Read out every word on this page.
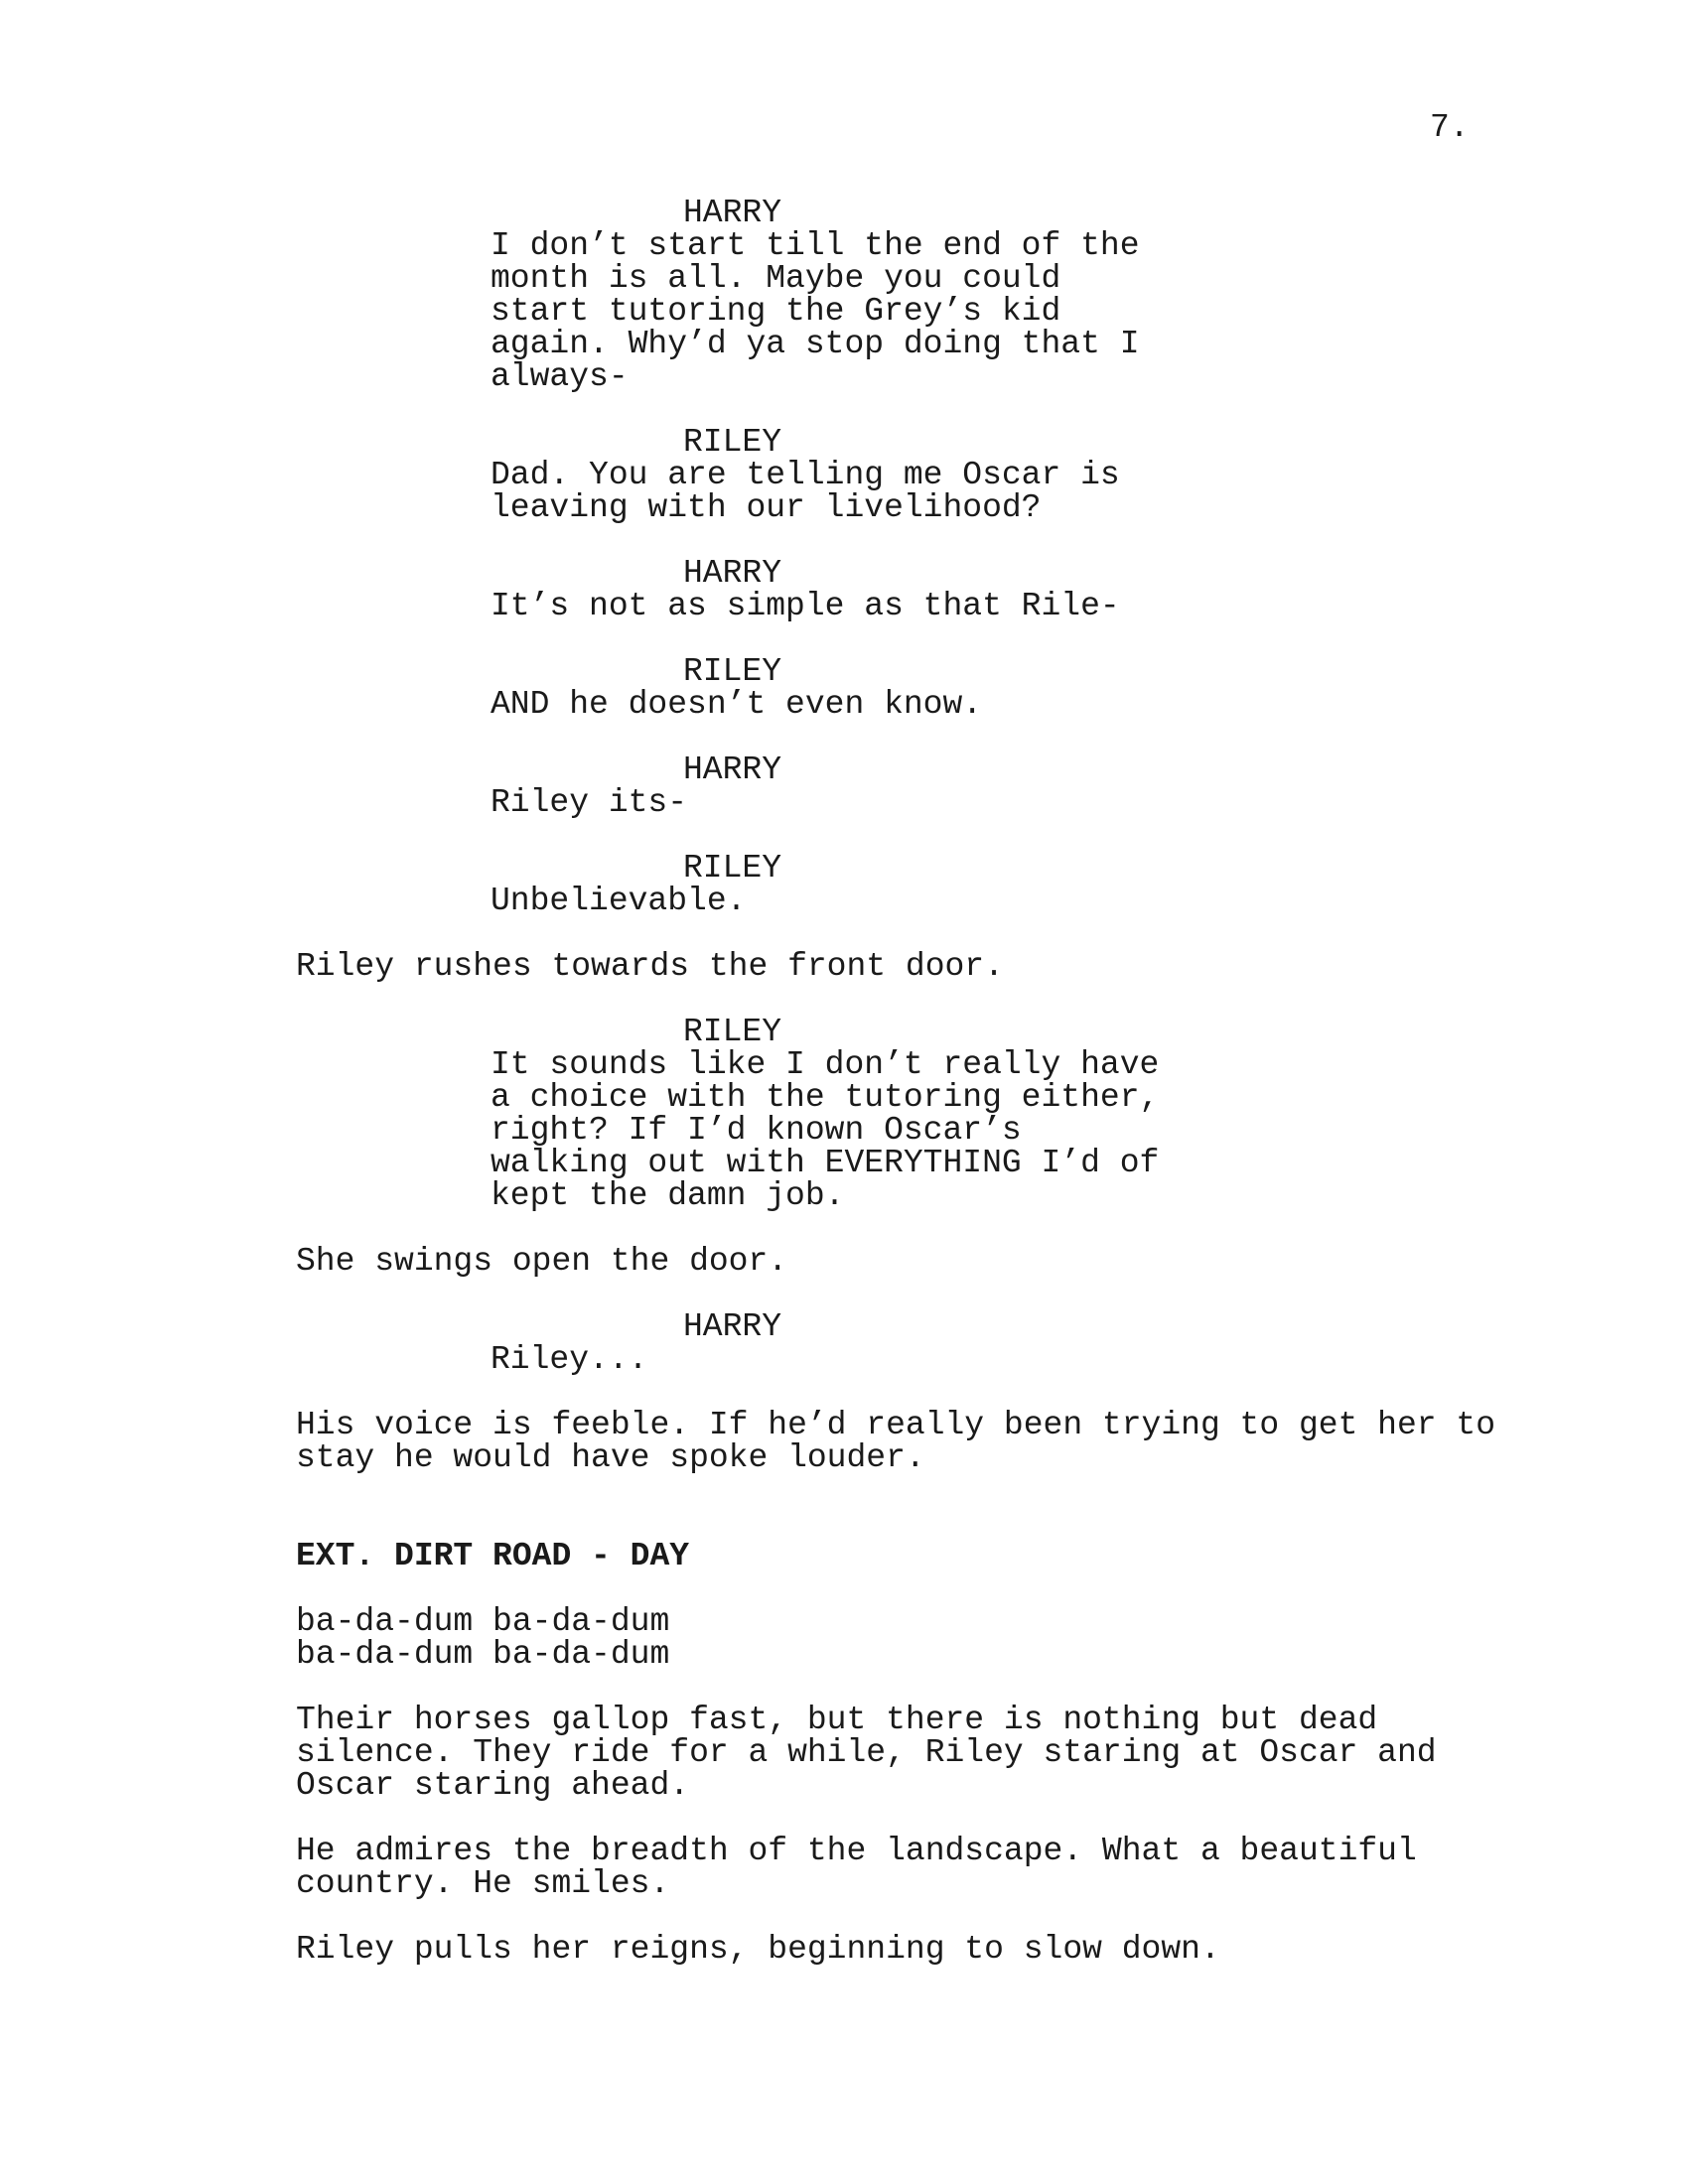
7.
HARRY
I don’t start till the end of the
month is all. Maybe you could
start tutoring the Grey’s kid
again. Why’d ya stop doing that I
always-
RILEY
Dad. You are telling me Oscar is
leaving with our livelihood?
HARRY
It’s not as simple as that Rile-
RILEY
AND he doesn’t even know.
HARRY
Riley its-
RILEY
Unbelievable.
Riley rushes towards the front door.
RILEY
It sounds like I don’t really have
a choice with the tutoring either,
right? If I’d known Oscar’s
walking out with EVERYTHING I’d of
kept the damn job.
She swings open the door.
HARRY
Riley...
His voice is feeble. If he’d really been trying to get her to
stay he would have spoke louder.
EXT. DIRT ROAD - DAY
ba-da-dum ba-da-dum
ba-da-dum ba-da-dum
Their horses gallop fast, but there is nothing but dead
silence. They ride for a while, Riley staring at Oscar and
Oscar staring ahead.
He admires the breadth of the landscape. What a beautiful
country. He smiles.
Riley pulls her reigns, beginning to slow down.
